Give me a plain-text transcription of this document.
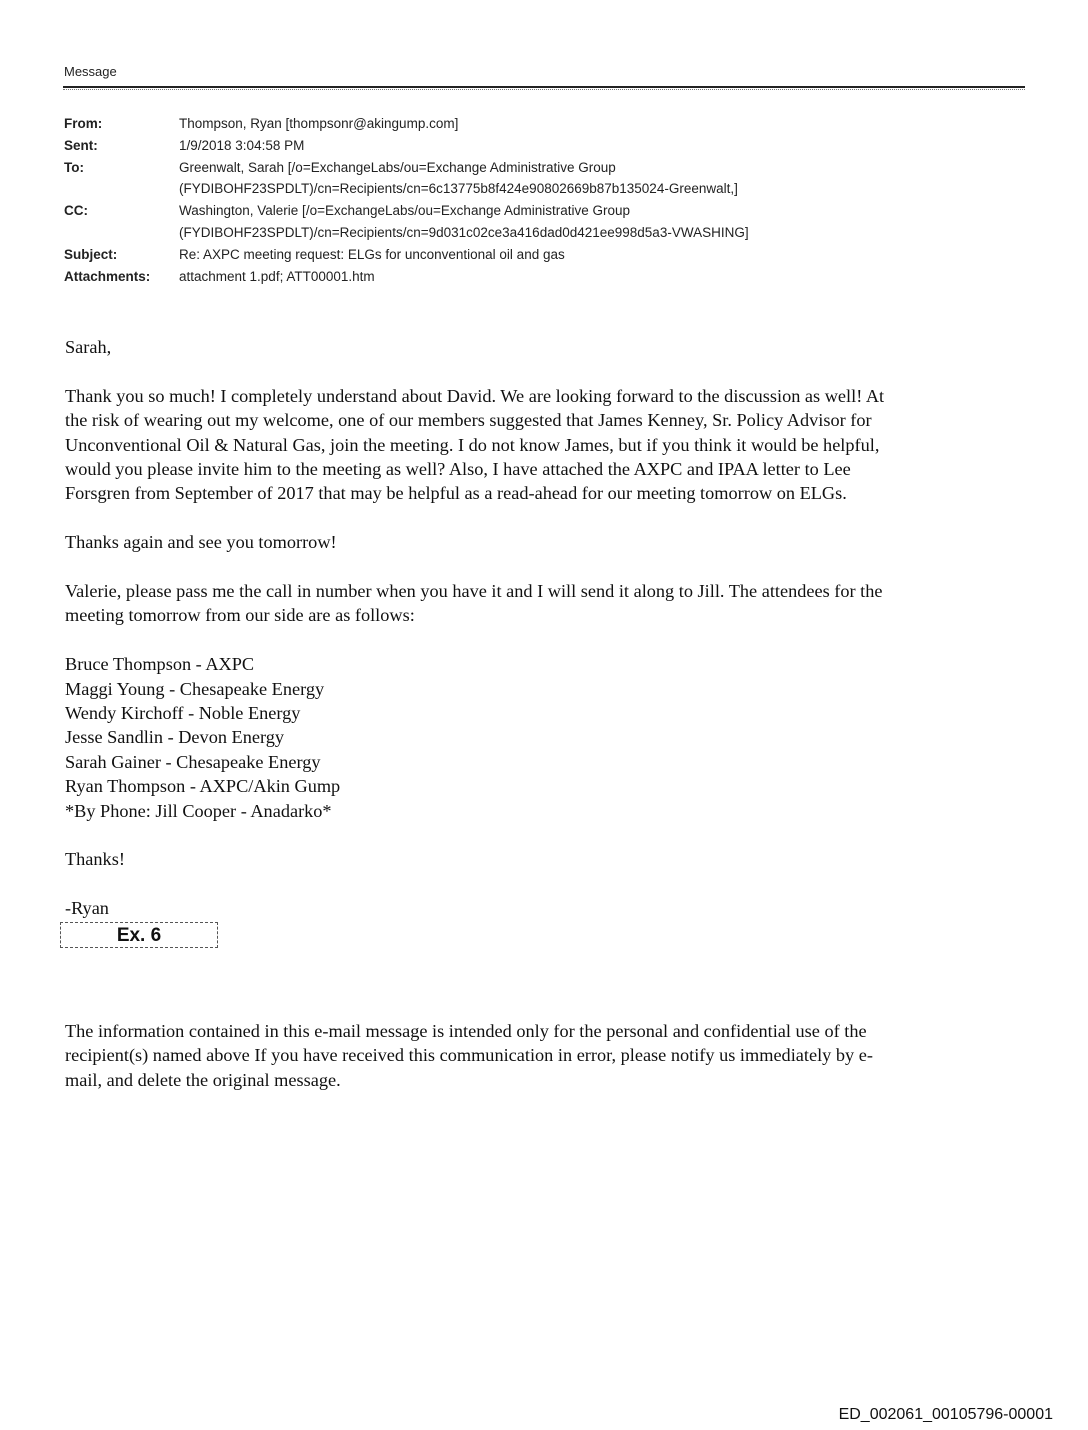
Message
From:	Thompson, Ryan [thompsonr@akingump.com]
Sent:	1/9/2018 3:04:58 PM
To:	Greenwalt, Sarah [/o=ExchangeLabs/ou=Exchange Administrative Group
(FYDIBOHF23SPDLT)/cn=Recipients/cn=6c13775b8f424e90802669b87b135024-Greenwalt,]
CC:	Washington, Valerie [/o=ExchangeLabs/ou=Exchange Administrative Group
(FYDIBOHF23SPDLT)/cn=Recipients/cn=9d031c02ce3a416dad0d421ee998d5a3-VWASHING]
Subject:	Re: AXPC meeting request: ELGs for unconventional oil and gas
Attachments:	attachment 1.pdf; ATT00001.htm

Sarah,

Thank you so much! I completely understand about David. We are looking forward to the discussion as well! At

the risk of wearing out my welcome, one of our members suggested that James Kenney, Sr. Policy Advisor for

Unconventional Oil & Natural Gas, join the meeting. I do not know James, but if you think it would be helpful,

would you please invite him to the meeting as well? Also, I have attached the AXPC and IPAA letter to Lee

Forsgren from September of 2017 that may be helpful as a read-ahead for our meeting tomorrow on ELGs.

Thanks again and see you tomorrow!

Valerie, please pass me the call in number when you have it and I will send it along to Jill. The attendees for the

meeting tomorrow from our side are as follows:

Bruce Thompson - AXPC

Maggi Young - Chesapeake Energy

Wendy Kirchoff - Noble Energy

Jesse Sandlin - Devon Energy

Sarah Gainer - Chesapeake Energy

Ryan Thompson - AXPC/Akin Gump

*By Phone: Jill Cooper - Anadarko*

Thanks!

-Ryan

Ex. 6

The information contained in this e-mail message is intended only for the personal and confidential use of the

recipient(s) named above If you have received this communication in error, please notify us immediately by e-

mail, and delete the original message.

ED_002061_00105796-00001
